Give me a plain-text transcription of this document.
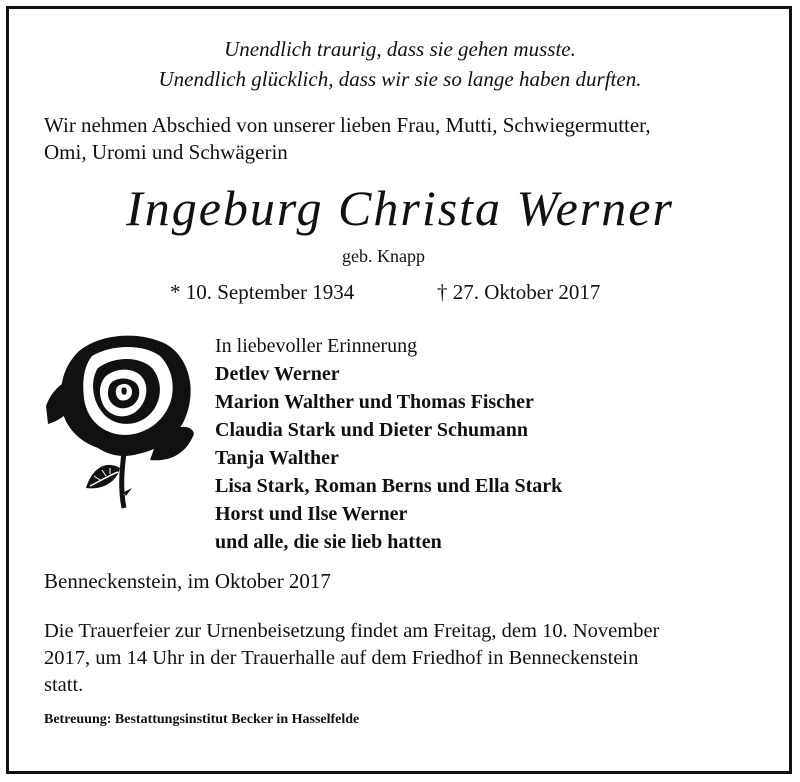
Unendlich traurig, dass sie gehen musste.
Unendlich glücklich, dass wir sie so lange haben durften.
Wir nehmen Abschied von unserer lieben Frau, Mutti, Schwiegermutter,
Omi, Uromi und Schwägerin
Ingeburg Christa Werner
geb. Knapp
* 10. September 1934	† 27. Oktober 2017
In liebevoller Erinnerung
Detlev Werner
Marion Walther und Thomas Fischer
Claudia Stark und Dieter Schumann
Tanja Walther
Lisa Stark, Roman Berns und Ella Stark
Horst und Ilse Werner
und alle, die sie lieb hatten
Benneckenstein, im Oktober 2017
Die Trauerfeier zur Urnenbeisetzung findet am Freitag, dem 10. November
2017, um 14 Uhr in der Trauerhalle auf dem Friedhof in Benneckenstein
statt.
Betreuung: Bestattungsinstitut Becker in Hasselfelde
